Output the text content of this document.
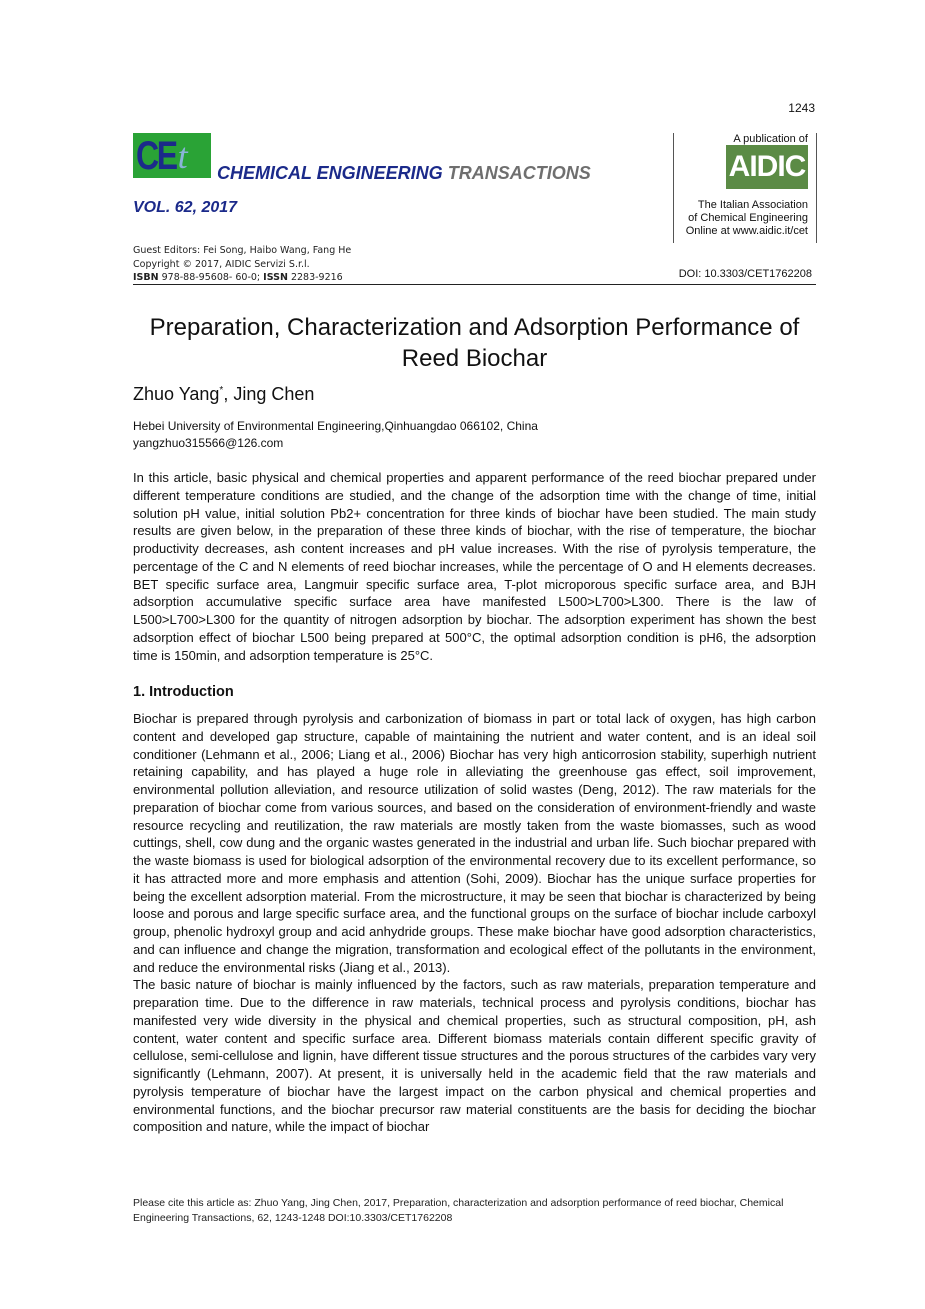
1243
CE t CHEMICAL ENGINEERING TRANSACTIONS
VOL. 62, 2017
A publication of
AIDIC
The Italian Association
of Chemical Engineering
Online at www.aidic.it/cet
Guest Editors: Fei Song, Haibo Wang, Fang He
Copyright © 2017, AIDIC Servizi S.r.l.
ISBN 978-88-95608- 60-0; ISSN 2283-9216	DOI: 10.3303/CET1762208
Preparation, Characterization and Adsorption Performance of Reed Biochar
Zhuo Yang*, Jing Chen
Hebei University of Environmental Engineering,Qinhuangdao 066102, China
yangzhuo315566@126.com

In this article, basic physical and chemical properties and apparent performance of the reed biochar prepared under different temperature conditions are studied, and the change of the adsorption time with the change of time, initial solution pH value, initial solution Pb2+ concentration for three kinds of biochar have been studied. The main study results are given below, in the preparation of these three kinds of biochar, with the rise of temperature, the biochar productivity decreases, ash content increases and pH value increases. With the rise of pyrolysis temperature, the percentage of the C and N elements of reed biochar increases, while the percentage of O and H elements decreases. BET specific surface area, Langmuir specific surface area, T-plot microporous specific surface area, and BJH adsorption accumulative specific surface area have manifested L500>L700>L300. There is the law of L500>L700>L300 for the quantity of nitrogen adsorption by biochar. The adsorption experiment has shown the best adsorption effect of biochar L500 being prepared at 500°C, the optimal adsorption condition is pH6, the adsorption time is 150min, and adsorption temperature is 25°C.

1. Introduction

Biochar is prepared through pyrolysis and carbonization of biomass in part or total lack of oxygen, has high carbon content and developed gap structure, capable of maintaining the nutrient and water content, and is an ideal soil conditioner (Lehmann et al., 2006; Liang et al., 2006) Biochar has very high anticorrosion stability, superhigh nutrient retaining capability, and has played a huge role in alleviating the greenhouse gas effect, soil improvement, environmental pollution alleviation, and resource utilization of solid wastes (Deng, 2012). The raw materials for the preparation of biochar come from various sources, and based on the consideration of environment-friendly and waste resource recycling and reutilization, the raw materials are mostly taken from the waste biomasses, such as wood cuttings, shell, cow dung and the organic wastes generated in the industrial and urban life. Such biochar prepared with the waste biomass is used for biological adsorption of the environmental recovery due to its excellent performance, so it has attracted more and more emphasis and attention (Sohi, 2009). Biochar has the unique surface properties for being the excellent adsorption material. From the microstructure, it may be seen that biochar is characterized by being loose and porous and large specific surface area, and the functional groups on the surface of biochar include carboxyl group, phenolic hydroxyl group and acid anhydride groups. These make biochar have good adsorption characteristics, and can influence and change the migration, transformation and ecological effect of the pollutants in the environment, and reduce the environmental risks (Jiang et al., 2013).

The basic nature of biochar is mainly influenced by the factors, such as raw materials, preparation temperature and preparation time. Due to the difference in raw materials, technical process and pyrolysis conditions, biochar has manifested very wide diversity in the physical and chemical properties, such as structural composition, pH, ash content, water content and specific surface area. Different biomass materials contain different specific gravity of cellulose, semi-cellulose and lignin, have different tissue structures and the porous structures of the carbides vary very significantly (Lehmann, 2007). At present, it is universally held in the academic field that the raw materials and pyrolysis temperature of biochar have the largest impact on the carbon physical and chemical properties and environmental functions, and the biochar precursor raw material constituents are the basis for deciding the biochar composition and nature, while the impact of biochar

Please cite this article as: Zhuo Yang, Jing Chen, 2017, Preparation, characterization and adsorption performance of reed biochar, Chemical Engineering Transactions, 62, 1243-1248 DOI:10.3303/CET1762208
